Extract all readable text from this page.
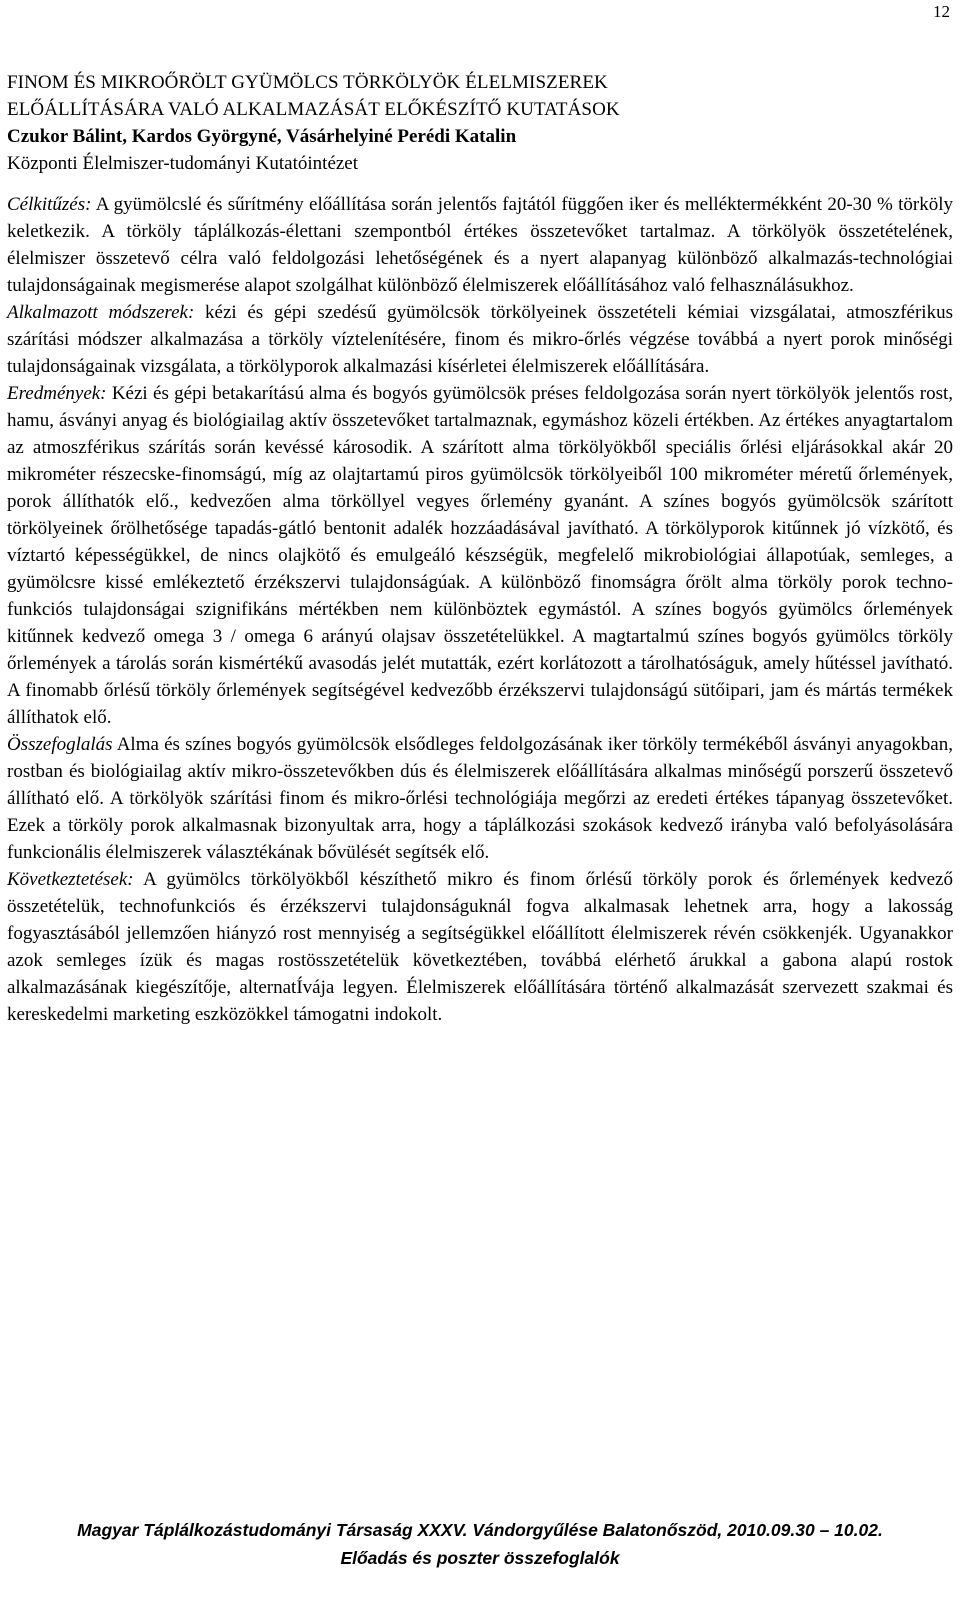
12

FINOM ÉS MIKROŐRÖLT GYÜMÖLCS TÖRKÖLYÖK ÉLELMISZEREK

ELŐÁLLÍTÁSÁRA VALÓ ALKALMAZÁSÁT ELŐKÉSZÍTŐ KUTATÁSOK

Czukor Bálint, Kardos Györgyné, Vásárhelyiné Perédi Katalin

Központi Élelmiszer-tudományi Kutatóintézet

Célkitűzés: A gyümölcslé és sűrítmény előállítása során jelentős fajtától függően iker és melléktermékként 20-30 % törköly keletkezik. A törköly táplálkozás-élettani szempontból értékes összetevőket tartalmaz. A törkölyök összetételének, élelmiszer összetevő célra való feldolgozási lehetőségének és a nyert alapanyag különböző alkalmazás-technológiai tulajdonságainak megismerése alapot szolgálhat különböző élelmiszerek előállításához való felhasználásukhoz.

Alkalmazott módszerek: kézi és gépi szedésű gyümölcsök törkölyeinek összetételi kémiai vizsgálatai, atmoszférikus szárítási módszer alkalmazása a törköly víztelenítésére, finom és mikro-őrlés végzése továbbá a nyert porok minőségi tulajdonságainak vizsgálata, a törkölyporok alkalmazási kísérletei élelmiszerek előállítására.

Eredmények: Kézi és gépi betakarítású alma és bogyós gyümölcsök préses feldolgozása során nyert törkölyök jelentős rost, hamu, ásványi anyag és biológiailag aktív összetevőket tartalmaznak, egymáshoz közeli értékben. Az értékes anyagtartalom az atmoszférikus szárítás során kevéssé károsodik. A szárított alma törkölyökből speciális őrlési eljárásokkal akár 20 mikrométer részecske-finomságú, míg az olajtartamú piros gyümölcsök törkölyeiből 100 mikrométer méretű őrlemények, porok állíthatók elő., kedvezően alma törköllyel vegyes őrlemény gyanánt. A színes bogyós gyümölcsök szárított törkölyeinek őrölhetősége tapadás-gátló bentonit adalék hozzáadásával javítható. A törkölyporok kitűnnek jó vízkötő, és víztartó képességükkel, de nincs olajkötő és emulgeáló készségük, megfelelő mikrobiológiai állapotúak, semleges, a gyümölcsre kissé emlékeztető érzékszervi tulajdonságúak. A különböző finomságra őrölt alma törköly porok techno-funkciós tulajdonságai szignifikáns mértékben nem különböztek egymástól. A színes bogyós gyümölcs őrlemények kitűnnek kedvező omega 3 / omega 6 arányú olajsav összetételükkel. A magtartalmú színes bogyós gyümölcs törköly őrlemények a tárolás során kismértékű avasodás jelét mutatták, ezért korlátozott a tárolhatóságuk, amely hűtéssel javítható. A finomabb őrlésű törköly őrlemények segítségével kedvezőbb érzékszervi tulajdonságú sütőipari, jam és mártás termékek állíthatok elő.

Összefoglalás Alma és színes bogyós gyümölcsök elsődleges feldolgozásának iker törköly termékéből ásványi anyagokban, rostban és biológiailag aktív mikro-összetevőkben dús és élelmiszerek előállítására alkalmas minőségű porszerű összetevő állítható elő. A törkölyök szárítási finom és mikro-őrlési technológiája megőrzi az eredeti értékes tápanyag összetevőket. Ezek a törköly porok alkalmasnak bizonyultak arra, hogy a táplálkozási szokások kedvező irányba való befolyásolására funkcionális élelmiszerek választékának bővülését segítsék elő.

Következtetések: A gyümölcs törkölyökből készíthető mikro és finom őrlésű törköly porok és őrlemények kedvező összetételük, technofunkciós és érzékszervi tulajdonságuknál fogva alkalmasak lehetnek arra, hogy a lakosság fogyasztásából jellemzően hiányzó rost mennyiség a segítségükkel előállított élelmiszerek révén csökkenjék. Ugyanakkor azok semleges ízük és magas rostösszetételük következtében, továbbá elérhető árukkal a gabona alapú rostok alkalmazásának kiegészítője, alternatÍvája legyen. Élelmiszerek előállítására történő alkalmazását szervezett szakmai és kereskedelmi marketing eszközökkel támogatni indokolt.

Magyar Táplálkozástudományi Társaság XXXV. Vándorgyűlése Balatonőszöd, 2010.09.30 – 10.02.
Előadás és poszter összefoglalók
